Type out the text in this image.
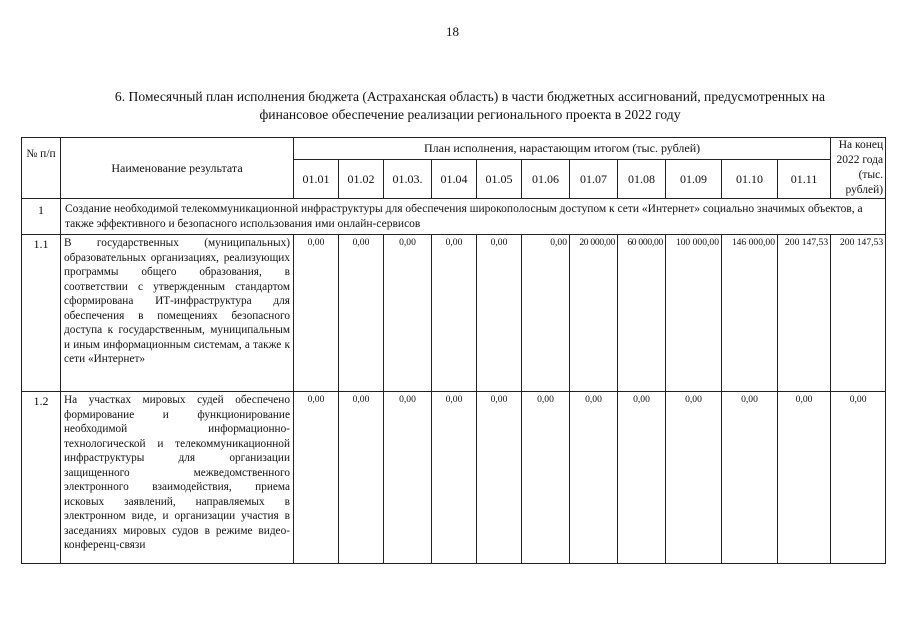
18
6. Помесячный план исполнения бюджета (Астраханская область) в части бюджетных ассигнований, предусмотренных на
финансовое обеспечение реализации регионального проекта в 2022 году
№ п/п	Наименование результата	План исполнения, нарастающим итогом (тыс. рублей)											На конец
2022 года
(тыс.
рублей)

		01.01	01.02	01.03.	01.04	01.05	01.06	01.07	01.08	01.09	01.10	01.11	
1	Создание необходимой телекоммуникационной инфраструктуры для обеспечения широкополосным доступом к сети «Интернет» социально значимых объектов, а также эффективного и безопасного использования ими онлайн-сервисов												
1.1	В государственных (муниципальных) образовательных организациях, реализующих программы общего образования, в соответствии с утвержденным стандартом сформирована ИТ-инфраструктура для обеспечения в помещениях безопасного доступа к государственным, муниципальным и иным информационным системам, а также к сети «Интернет»	0,00	0,00	0,00	0,00	0,00	0,00	20 000,00	60 000,00	100 000,00	146 000,00	200 147,53	200 147,53
1.2	На участках мировых судей обеспечено формирование и функционирование необходимой информационно-технологической и телекоммуникационной инфраструктуры для организации защищенного межведомственного электронного взаимодействия, приема исковых заявлений, направляемых в электронном виде, и организации участия в заседаниях мировых судов в режиме видео-конференц-связи	0,00	0,00	0,00	0,00	0,00	0,00	0,00	0,00	0,00	0,00	0,00	0,00
